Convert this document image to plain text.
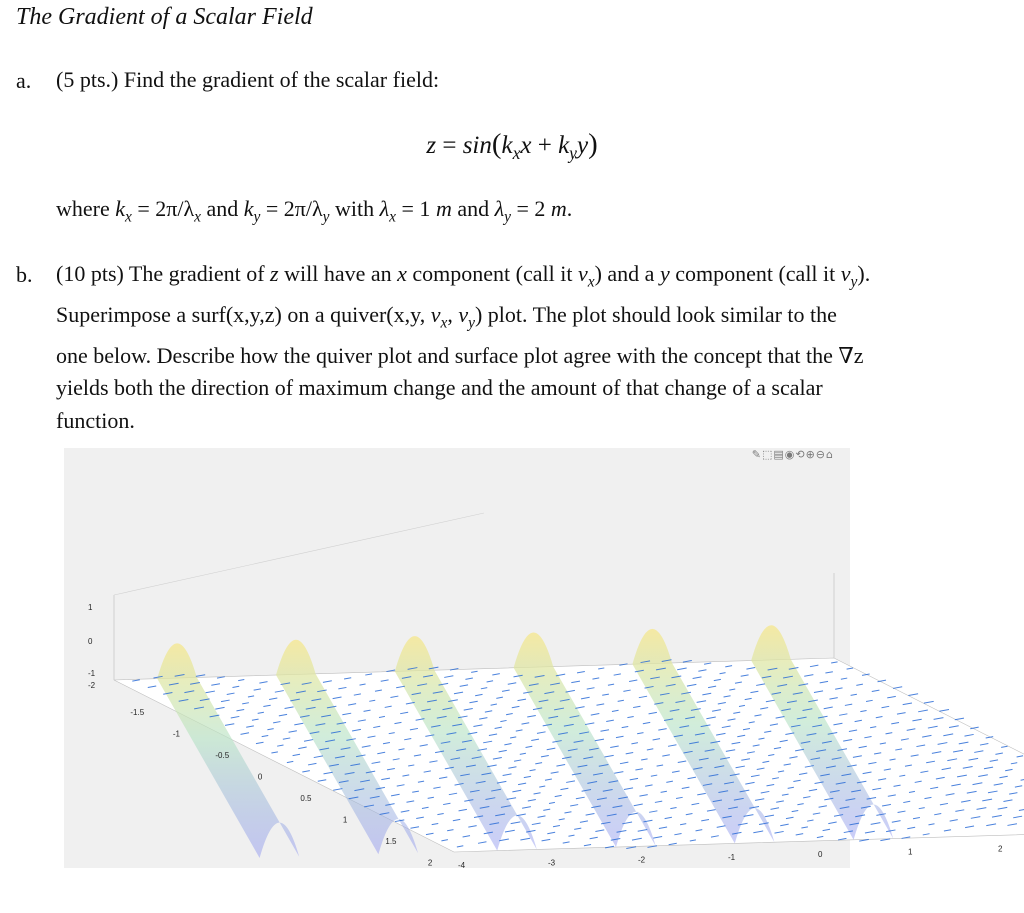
The Gradient of a Scalar Field
a. (5 pts.) Find the gradient of the scalar field:
$z = \sin(k_xx + k_yy)$
where $k_x = 2\pi/\lambda_x$ and $k_y = 2\pi/\lambda_y$ with $\lambda_x = 1$ m and $\lambda_y = 2$ m.
b. (10 pts) The gradient of z will have an x component (call it $v_x$) and a y component (call it $v_y$).
Superimpose a surf(x,y,z) on a quiver(x,y, $v_x$, $v_y$) plot. The plot should look similar to the
one below. Describe how the quiver plot and surface plot agree with the concept that the ∇z
yields both the direction of maximum change and the amount of that change of a scalar
function.
✎⬚▤◉⟲⊕⊖⌂
1
0
-1
-2
-1.5
-1
-0.5
0
0.5
1
1.5
2	-4	-3	-2	-1	0	1	2
